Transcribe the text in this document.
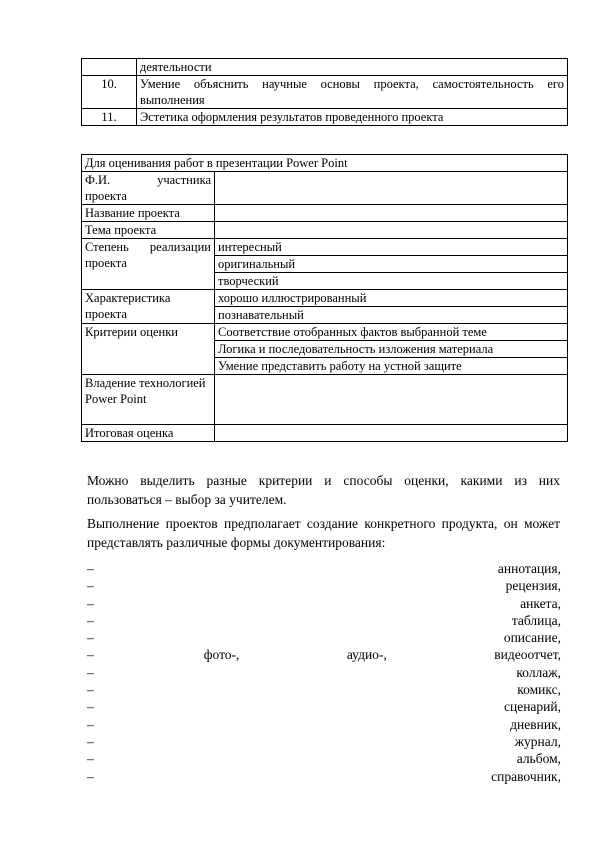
	деятельности
10.	Умение объяснить научные основы проекта, самостоятельность его выполнения
11.	Эстетика оформления результатов проведенного проекта
Для оценивания работ в презентации Power Point	
Ф.И. участника проекта	
Название проекта	
Тема проекта	
Степень реализации проекта	интересный
	оригинальный
	творческий
Характеристика проекта	хорошо иллюстрированный
	познавательный
Критерии оценки	Соответствие отобранных фактов выбранной теме
	Логика и последовательность изложения материала
	Умение представить работу на устной защите
Владение технологией Power Point	
Итоговая оценка	

Можно выделить разные критерии и способы оценки, какими из них пользоваться – выбор за учителем.

Выполнение проектов предполагает создание конкретного продукта, он может представлять различные формы документирования:

–	аннотация,
–	рецензия,
–	анкета,
–	таблица,
–	описание,
–	фото-,	аудио-,	видеоотчет,
–	коллаж,
–	комикс,
–	сценарий,
–	дневник,
–	журнал,
–	альбом,
–	справочник,
